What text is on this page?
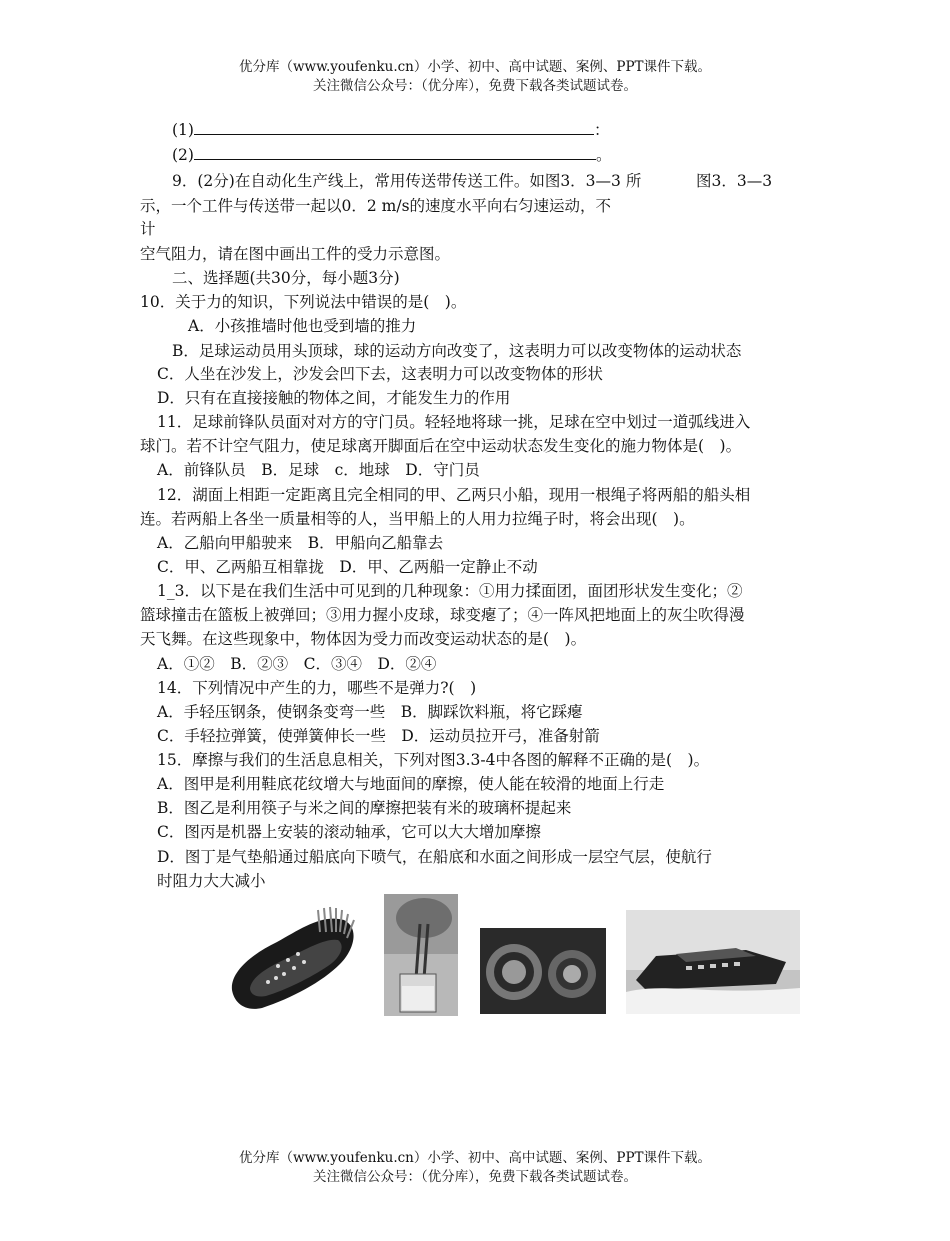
优分库（www.youfenku.cn）小学、初中、高中试题、案例、PPT课件下载。
关注微信公众号：（优分库），免费下载各类试题试卷。
(1)	：
(2)	。
9．(2分)在自动化生产线上，常用传送带传送工件。如图3．3—3 所	图3．3—3
示，一个工件与传送带一起以0．2 m/s的速度水平向右匀速运动，不
计
空气阻力，请在图中画出工件的受力示意图。
二、选择题(共30分，每小题3分)
10．关于力的知识，下列说法中错误的是(　)。
A．小孩推墙时他也受到墙的推力
B．足球运动员用头顶球，球的运动方向改变了，这表明力可以改变物体的运动状态
C．人坐在沙发上，沙发会凹下去，这表明力可以改变物体的形状
D．只有在直接接触的物体之间，才能发生力的作用
11．足球前锋队员面对对方的守门员。轻轻地将球一挑，足球在空中划过一道弧线进入
球门。若不计空气阻力，使足球离开脚面后在空中运动状态发生变化的施力物体是(　)。
A．前锋队员　B．足球　c．地球　D．守门员
12．湖面上相距一定距离且完全相同的甲、乙两只小船，现用一根绳子将两船的船头相
连。若两船上各坐一质量相等的人，当甲船上的人用力拉绳子时，将会出现(　)。
A．乙船向甲船驶来　B．甲船向乙船靠去
C．甲、乙两船互相靠拢　D．甲、乙两船一定静止不动
1_3．以下是在我们生活中可见到的几种现象：①用力揉面团，面团形状发生变化；②
篮球撞击在篮板上被弹回；③用力握小皮球，球变瘪了；④一阵风把地面上的灰尘吹得漫
天飞舞。在这些现象中，物体因为受力而改变运动状态的是(　)。
A．①②　B．②③　C．③④　D．②④
14．下列情况中产生的力，哪些不是弹力?(　)
A．手轻压钢条，使钢条变弯一些　B．脚踩饮料瓶，将它踩瘪
C．手轻拉弹簧，使弹簧伸长一些　D．运动员拉开弓，准备射箭
15．摩擦与我们的生活息息相关，下列对图3.3-4中各图的解释不正确的是(　)。
A．图甲是利用鞋底花纹增大与地面间的摩擦，使人能在较滑的地面上行走
B．图乙是利用筷子与米之间的摩擦把装有米的玻璃杯提起来
C．图丙是机器上安装的滚动轴承，它可以大大增加摩擦
D．图丁是气垫船通过船底向下喷气，在船底和水面之间形成一层空气层，使航行
时阻力大大减小
优分库（www.youfenku.cn）小学、初中、高中试题、案例、PPT课件下载。
关注微信公众号：（优分库），免费下载各类试题试卷。
